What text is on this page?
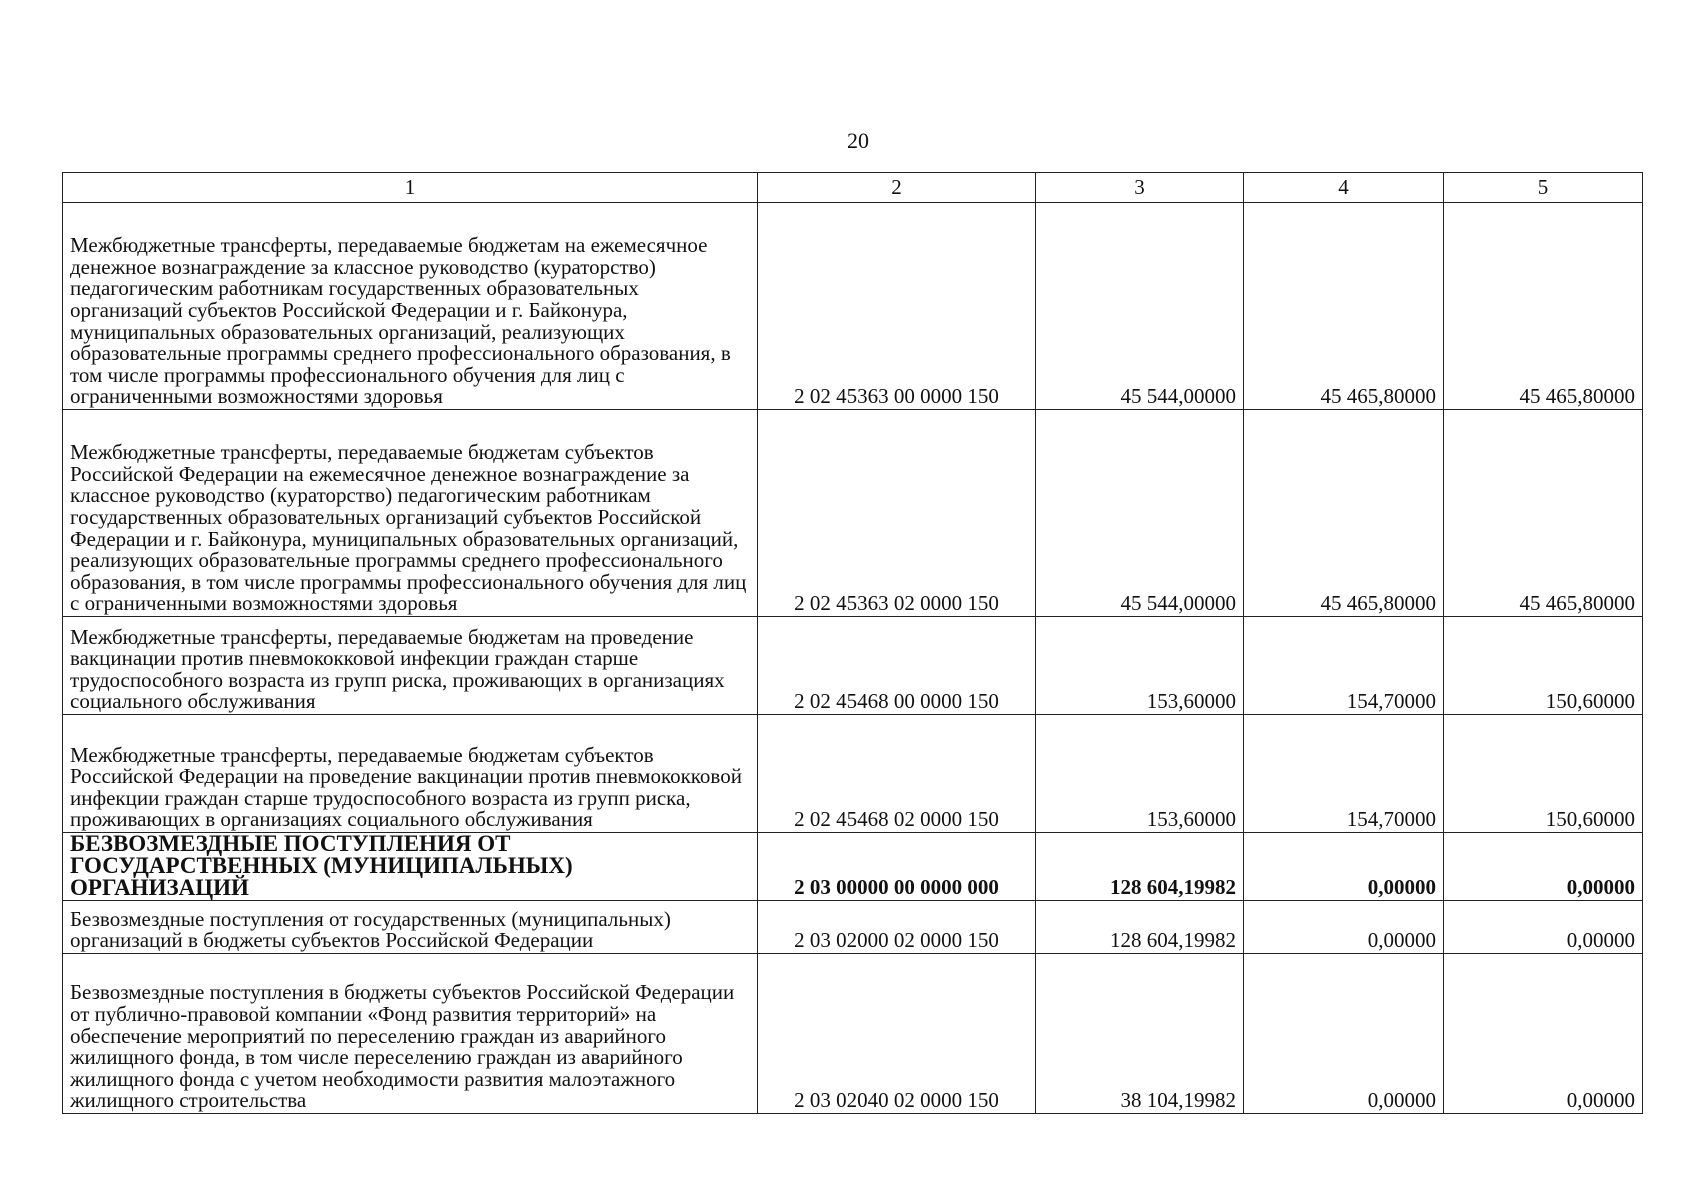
20
1	2	3	4	5
Межбюджетные трансферты, передаваемые бюджетам на ежемесячное денежное вознаграждение за классное руководство (кураторство) педагогическим работникам государственных образовательных организаций субъектов Российской Федерации и г. Байконура, муниципальных образовательных организаций, реализующих образовательные программы среднего профессионального образования, в том числе программы профессионального обучения для лиц с ограниченными возможностями здоровья	2 02 45363 00 0000 150	45 544,00000	45 465,80000	45 465,80000
Межбюджетные трансферты, передаваемые бюджетам субъектов Российской Федерации на ежемесячное денежное вознаграждение за классное руководство (кураторство) педагогическим работникам государственных образовательных организаций субъектов Российской Федерации и г. Байконура, муниципальных образовательных организаций, реализующих образовательные программы среднего профессионального образования, в том числе программы профессионального обучения для лиц с ограниченными возможностями здоровья	2 02 45363 02 0000 150	45 544,00000	45 465,80000	45 465,80000
Межбюджетные трансферты, передаваемые бюджетам на проведение вакцинации против пневмококковой инфекции граждан старше трудоспособного возраста из групп риска, проживающих в организациях социального обслуживания	2 02 45468 00 0000 150	153,60000	154,70000	150,60000
Межбюджетные трансферты, передаваемые бюджетам субъектов Российской Федерации на проведение вакцинации против пневмококковой инфекции граждан старше трудоспособного возраста из групп риска, проживающих в организациях социального обслуживания	2 02 45468 02 0000 150	153,60000	154,70000	150,60000
БЕЗВОЗМЕЗДНЫЕ ПОСТУПЛЕНИЯ ОТ ГОСУДАРСТВЕННЫХ (МУНИЦИПАЛЬНЫХ) ОРГАНИЗАЦИЙ	2 03 00000 00 0000 000	128 604,19982	0,00000	0,00000
Безвозмездные поступления от государственных (муниципальных) организаций в бюджеты субъектов Российской Федерации	2 03 02000 02 0000 150	128 604,19982	0,00000	0,00000
Безвозмездные поступления в бюджеты субъектов Российской Федерации от публично-правовой компании «Фонд развития территорий» на обеспечение мероприятий по переселению граждан из аварийного жилищного фонда, в том числе переселению граждан из аварийного жилищного фонда с учетом необходимости развития малоэтажного жилищного строительства	2 03 02040 02 0000 150	38 104,19982	0,00000	0,00000
